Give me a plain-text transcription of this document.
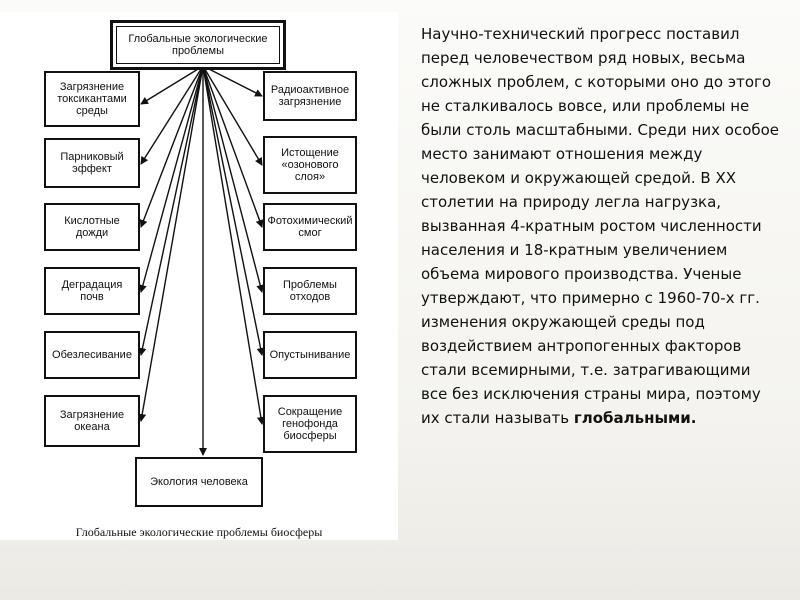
Глобальные экологические
проблемы
Загрязнение
токсикантами
среды
Парниковый
эффект
Кислотные
дожди
Деградация
почв
Обезлесивание
Загрязнение
океана
Радиоактивное
загрязнение
Истощение
«озонового
слоя»
Фотохимический
смог
Проблемы
отходов
Опустынивание
Сокращение
генофонда
биосферы
Экология человека
Глобальные экологические проблемы биосферы
Научно-технический прогресс поставил перед человечеством ряд новых, весьма сложных проблем, с которыми оно до этого не сталкивалось вовсе, или проблемы не были столь масштабными. Среди них особое место занимают отношения между человеком и окружающей средой. В XX столетии на природу легла нагрузка, вызванная 4-кратным ростом численности населения и 18-кратным увеличением объема мирового производства. Ученые утверждают, что примерно с 1960-70-х гг. изменения окружающей среды под воздействием антропогенных факторов стали всемирными, т.е. затрагивающими все без исключения страны мира, поэтому их стали называть глобальными.
